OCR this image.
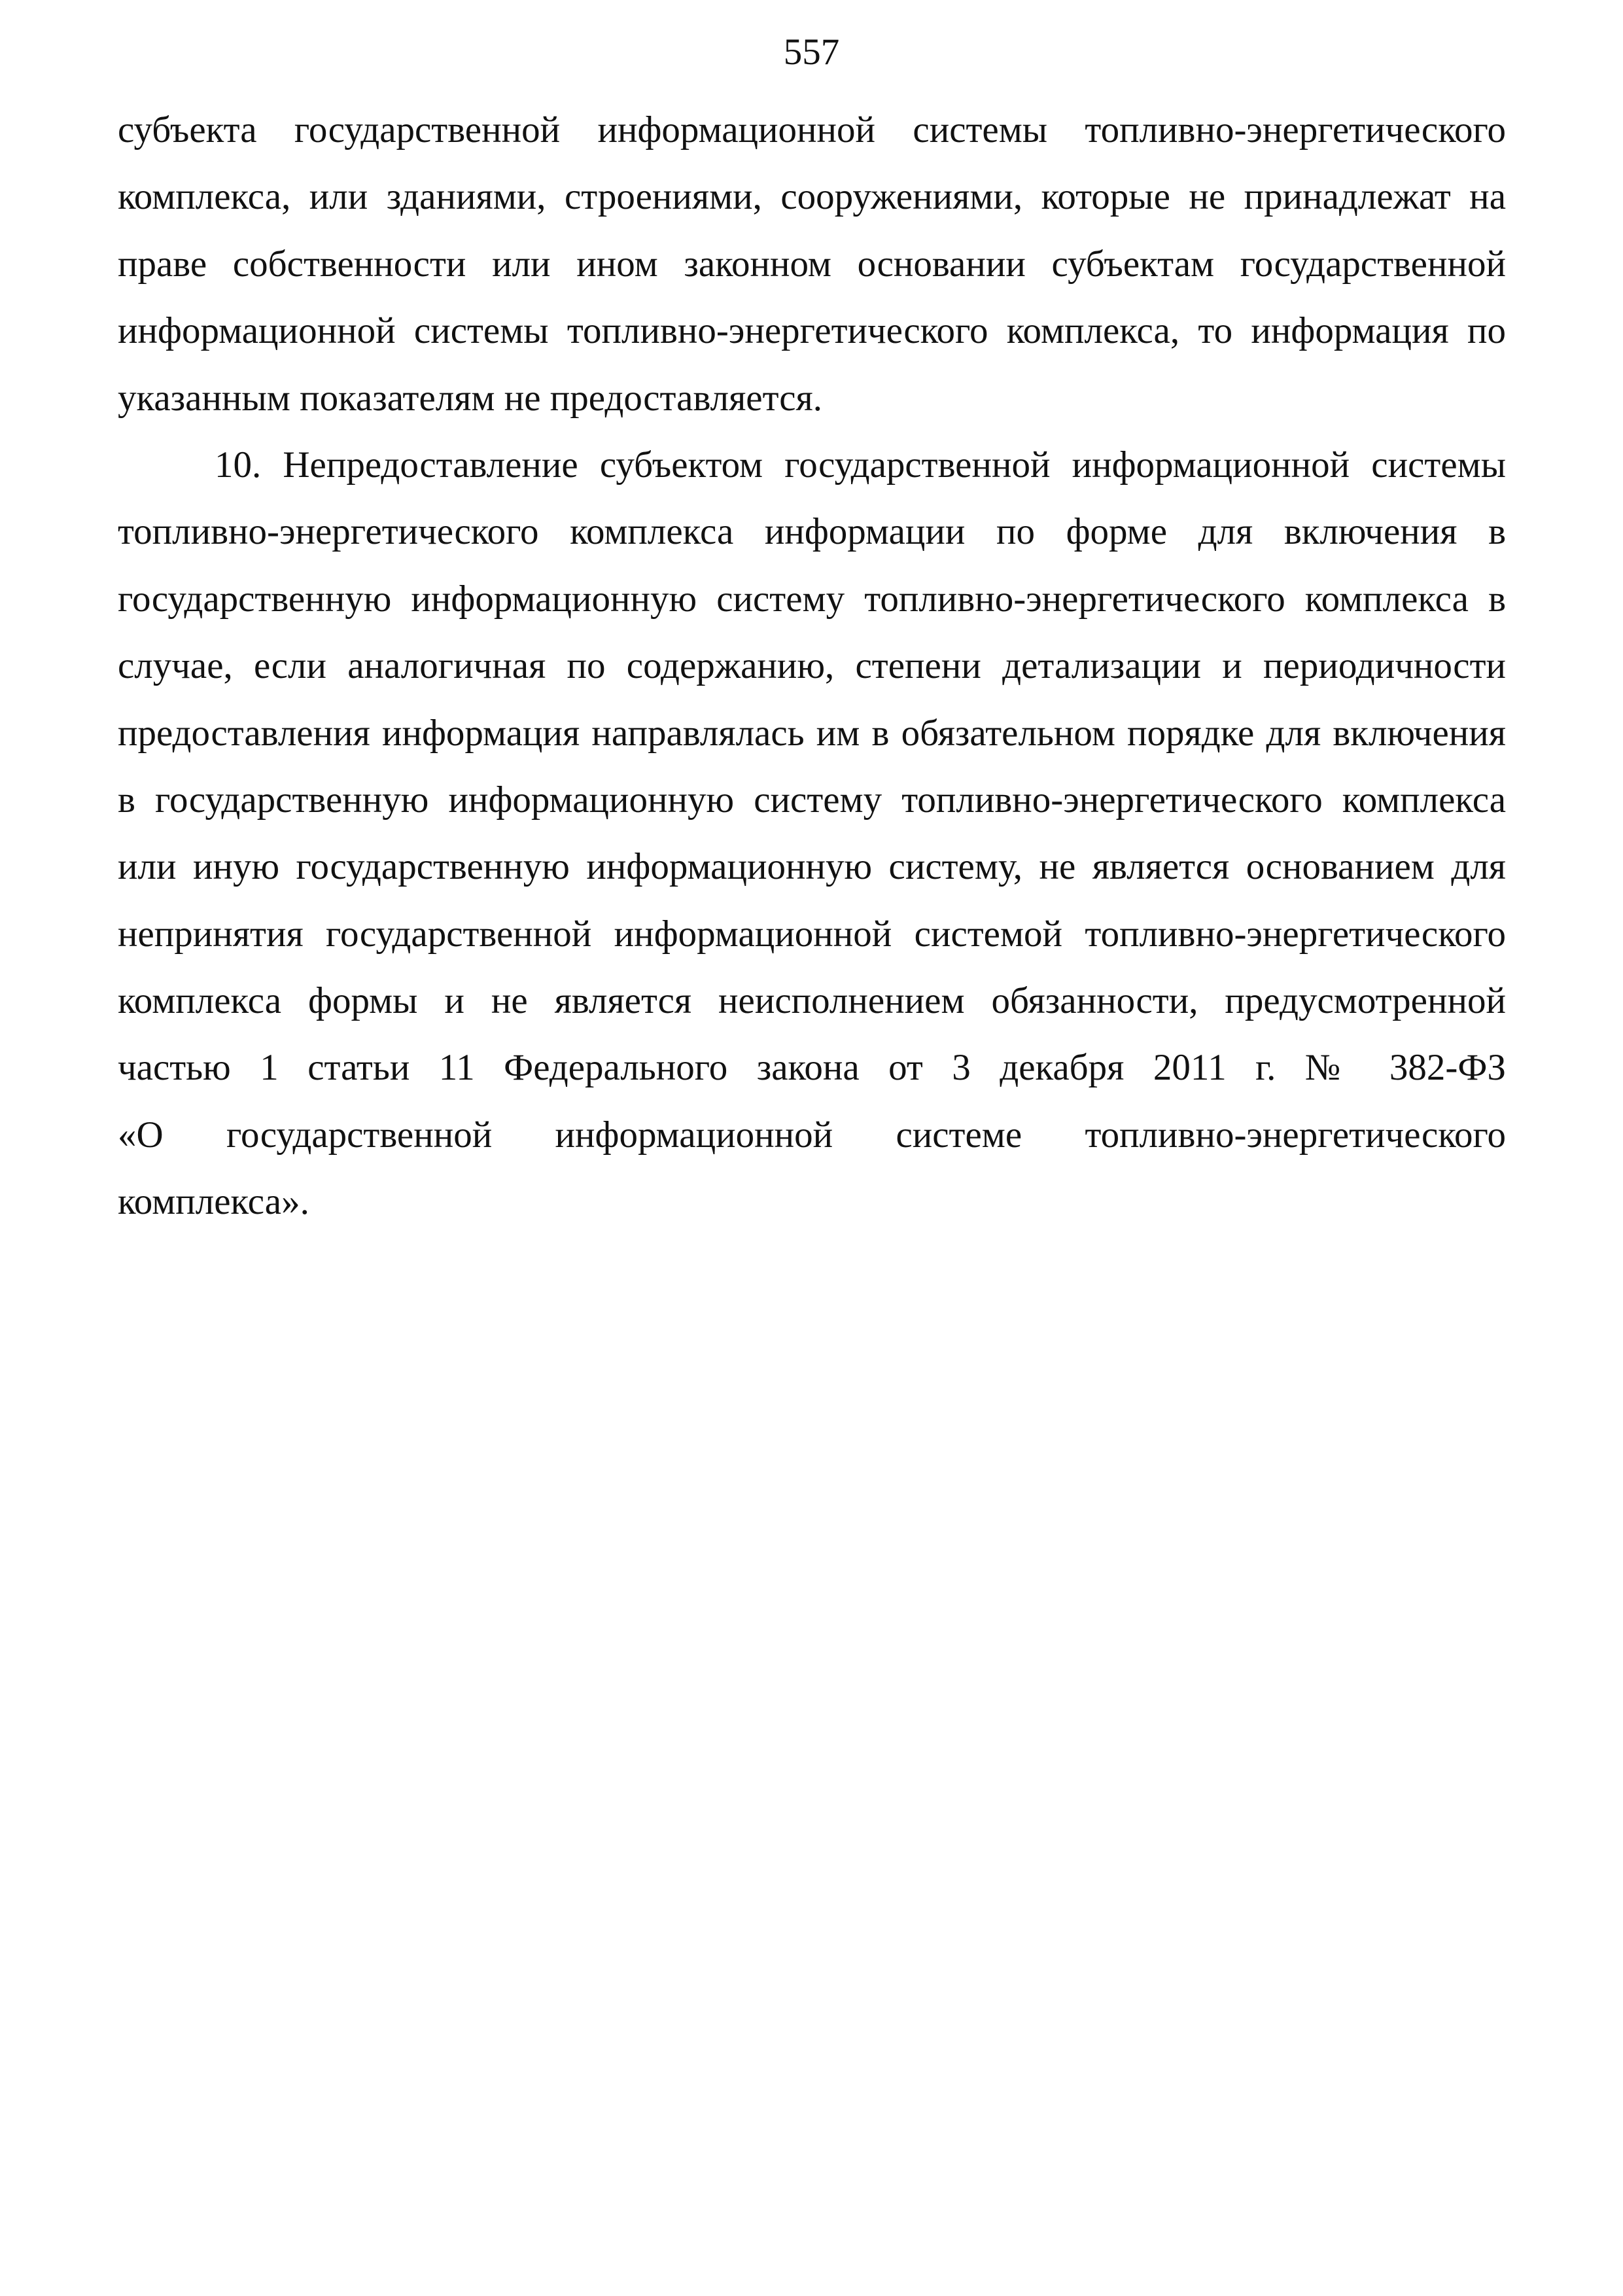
557
субъекта государственной информационной системы топливно-энергетического
комплекса, или зданиями, строениями, сооружениями, которые не принадлежат на
праве собственности или ином законном основании субъектам государственной
информационной системы топливно-энергетического комплекса, то информация по
указанным показателям не предоставляется.
10. Непредоставление субъектом государственной информационной системы
топливно-энергетического комплекса информации по форме для включения в
государственную информационную систему топливно-энергетического комплекса в
случае, если аналогичная по содержанию, степени детализации и периодичности
предоставления информация направлялась им в обязательном порядке для включения
в государственную информационную систему топливно-энергетического комплекса
или иную государственную информационную систему, не является основанием для
непринятия государственной информационной системой топливно-энергетического
комплекса формы и не является неисполнением обязанности, предусмотренной
частью 1 статьи 11 Федерального закона от 3 декабря 2011 г. № 382-ФЗ
«О государственной информационной системе топливно-энергетического
комплекса».
